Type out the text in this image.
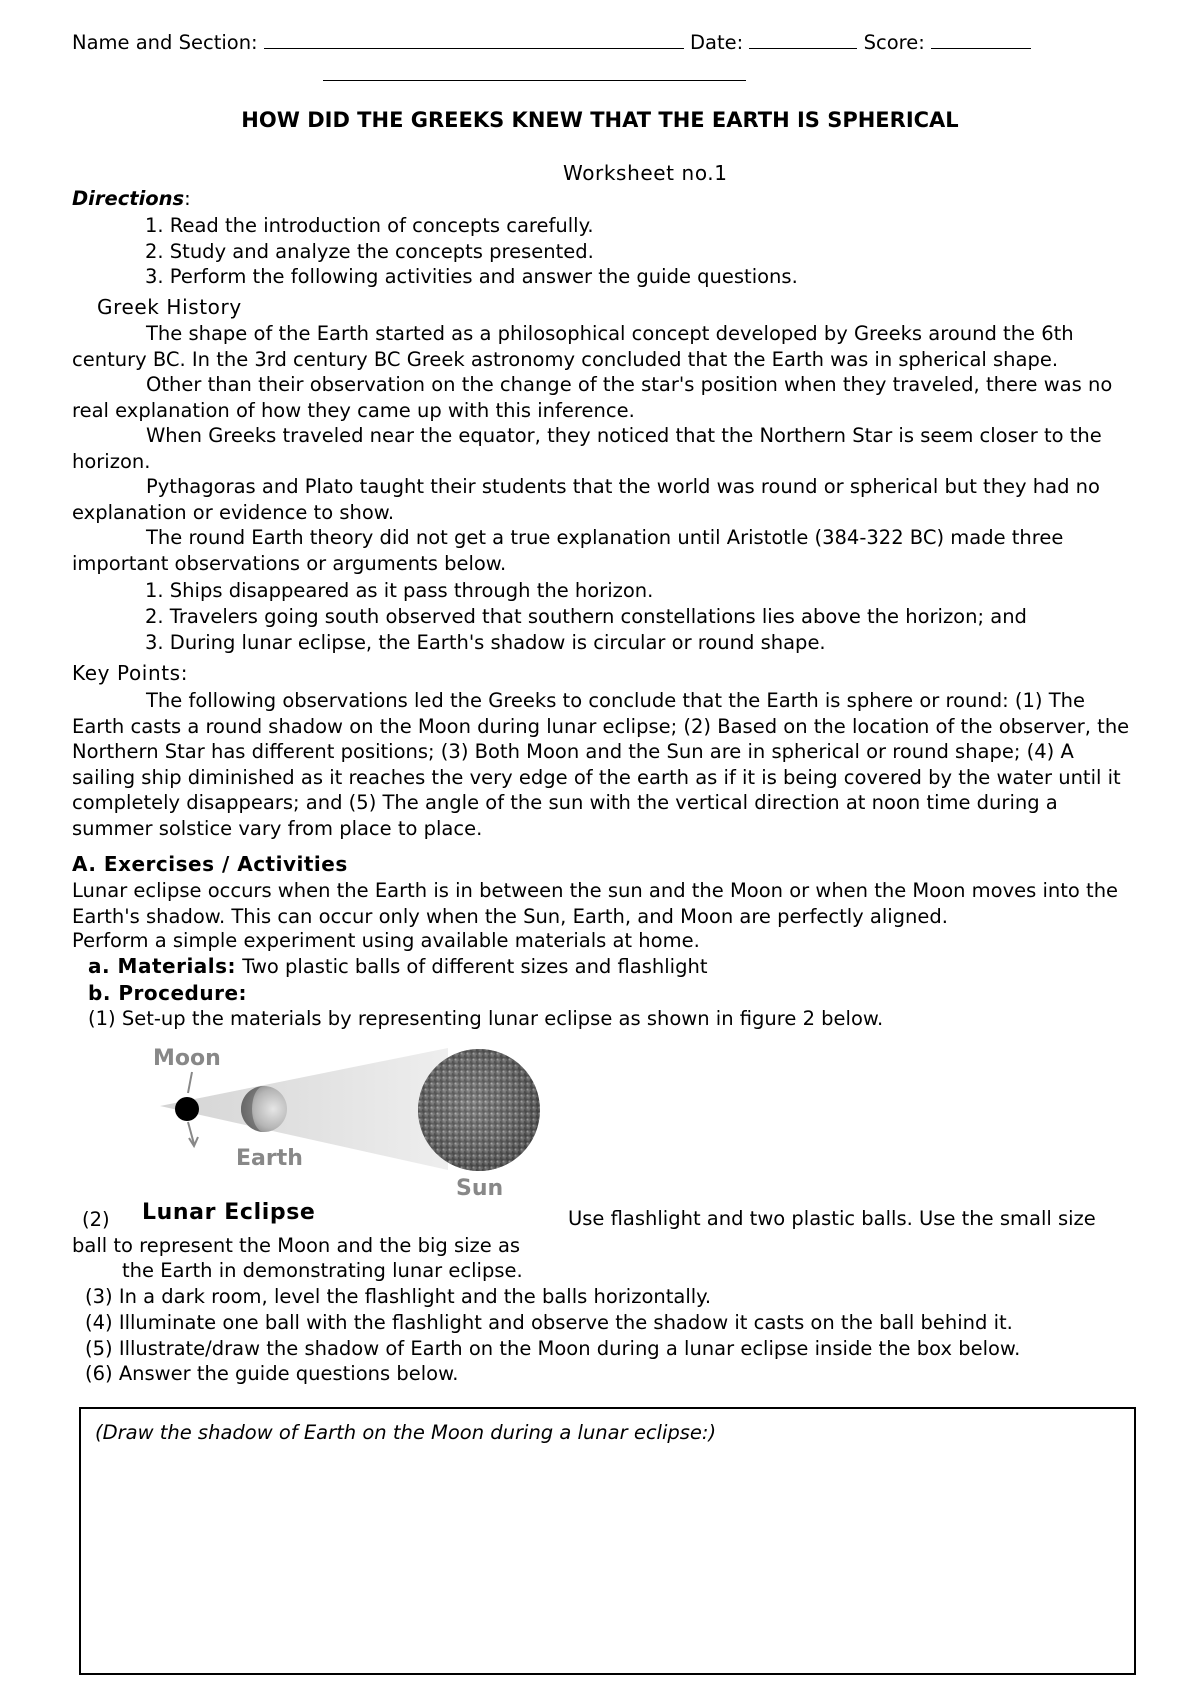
Name and Section:	Date:	Score:
HOW DID THE GREEKS KNEW THAT THE EARTH IS SPHERICAL
Worksheet no.1
Directions:
1. Read the introduction of concepts carefully.
2. Study and analyze the concepts presented.
3. Perform the following activities and answer the guide questions.
Greek History
The shape of the Earth started as a philosophical concept developed by Greeks around the 6th century BC. In the 3rd century BC Greek astronomy concluded that the Earth was in spherical shape.
Other than their observation on the change of the star's position when they traveled, there was no real explanation of how they came up with this inference.
When Greeks traveled near the equator, they noticed that the Northern Star is seem closer to the horizon.
Pythagoras and Plato taught their students that the world was round or spherical but they had no explanation or evidence to show.
The round Earth theory did not get a true explanation until Aristotle (384-322 BC) made three important observations or arguments below.
1. Ships disappeared as it pass through the horizon.
2. Travelers going south observed that southern constellations lies above the horizon; and
3. During lunar eclipse, the Earth's shadow is circular or round shape.
Key Points:
The following observations led the Greeks to conclude that the Earth is sphere or round: (1) The Earth casts a round shadow on the Moon during lunar eclipse; (2) Based on the location of the observer, the Northern Star has different positions; (3) Both Moon and the Sun are in spherical or round shape; (4) A sailing ship diminished as it reaches the very edge of the earth as if it is being covered by the water until it completely disappears; and (5) The angle of the sun with the vertical direction at noon time during a summer solstice vary from place to place.
A. Exercises / Activities
Lunar eclipse occurs when the Earth is in between the sun and the Moon or when the Moon moves into the Earth's shadow. This can occur only when the Sun, Earth, and Moon are perfectly aligned.
Perform a simple experiment using available materials at home.
a. Materials: Two plastic balls of different sizes and flashlight
b. Procedure:
(1) Set-up the materials by representing lunar eclipse as shown in figure 2 below.
Moon
Earth
Sun
(2) Lunar Eclipse	Use flashlight and two plastic balls. Use the small size
ball to represent the Moon and the big size as
the Earth in demonstrating lunar eclipse.
(3) In a dark room, level the flashlight and the balls horizontally.
(4) Illuminate one ball with the flashlight and observe the shadow it casts on the ball behind it.
(5) Illustrate/draw the shadow of Earth on the Moon during a lunar eclipse inside the box below.
(6) Answer the guide questions below.
(Draw the shadow of Earth on the Moon during a lunar eclipse:)
